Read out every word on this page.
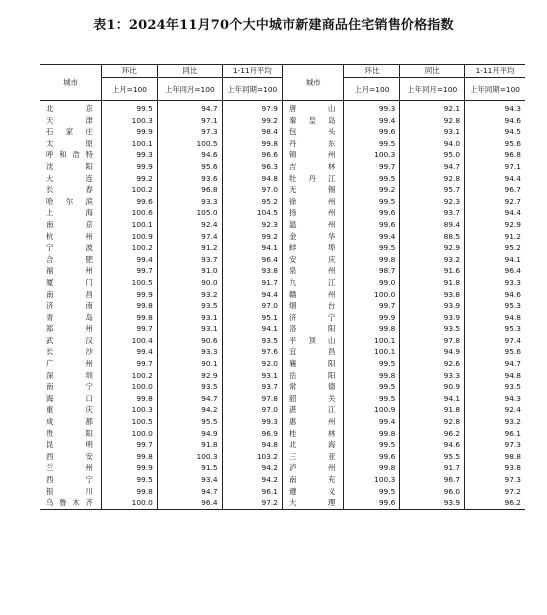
表1：2024年11月70个大中城市新建商品住宅销售价格指数
城市	环比	同比	1-11月平均	城市	环比	同比	1-11月平均
	上月=100	上年同月=100	上年同期=100		上月=100	上年同月=100	上年同期=100
北　京	99.5	94.7	97.9	唐　山	99.3	92.1	94.3
天　津	100.3	97.1	99.2	秦皇岛	99.4	92.8	94.6
石家庄	99.9	97.3	98.4	包　头	99.6	93.1	94.5
太　原	100.1	100.5	99.8	丹　东	99.5	94.0	95.6
呼和浩特	99.3	94.6	96.6	锦　州	100.3	95.0	96.8
沈　阳	99.9	95.6	96.3	吉　林	99.7	94.7	97.1
大　连	99.2	93.6	94.8	牡丹江	99.5	92.8	94.4
长　春	100.2	96.8	97.0	无　锡	99.2	95.7	96.7
哈尔滨	99.6	93.3	95.2	徐　州	99.5	92.3	92.7
上　海	100.6	105.0	104.5	扬　州	99.6	93.7	94.4
南　京	100.1	92.4	92.3	温　州	99.6	89.4	92.9
杭　州	100.9	97.4	99.2	金　华	99.4	88.5	91.2
宁　波	100.2	91.2	94.1	蚌　埠	99.5	92.9	95.2
合　肥	99.4	93.7	96.4	安　庆	99.8	93.2	94.1
福　州	99.7	91.0	93.8	泉　州	98.7	91.6	96.4
厦　门	100.5	90.0	91.7	九　江	99.0	91.8	93.3
南　昌	99.9	93.2	94.4	赣　州	100.0	93.8	94.6
济　南	99.8	93.5	97.0	烟　台	99.7	93.9	95.3
青　岛	99.8	93.1	95.1	济　宁	99.9	93.9	94.8
郑　州	99.7	93.1	94.1	洛　阳	99.8	93.5	95.3
武　汉	100.4	90.6	93.5	平顶山	100.1	97.8	97.4
长　沙	99.4	93.3	97.6	宜　昌	100.1	94.9	95.6
广　州	99.7	90.1	92.0	襄　阳	99.5	92.6	94.7
深　圳	100.2	92.9	93.1	岳　阳	99.8	93.3	94.8
南　宁	100.0	93.5	93.7	常　德	99.5	90.9	93.5
海　口	99.8	94.7	97.8	韶　关	99.5	94.1	94.3
重　庆	100.3	94.2	97.0	湛　江	100.9	91.8	92.4
成　都	100.5	95.5	99.3	惠　州	99.4	92.8	93.2
贵　阳	100.0	94.9	96.9	桂　林	99.8	96.2	96.1
昆　明	99.7	91.8	94.8	北　海	99.5	94.6	97.3
西　安	99.8	100.3	103.2	三　亚	99.6	95.5	98.8
兰　州	99.9	91.5	94.2	泸　州	99.8	91.7	93.8
西　宁	99.5	93.4	94.2	南　充	100.3	96.7	97.3
银　川	99.8	94.7	96.1	遵　义	99.5	96.0	97.2
乌鲁木齐	100.0	96.4	97.2	大　理	99.6	93.9	96.2
